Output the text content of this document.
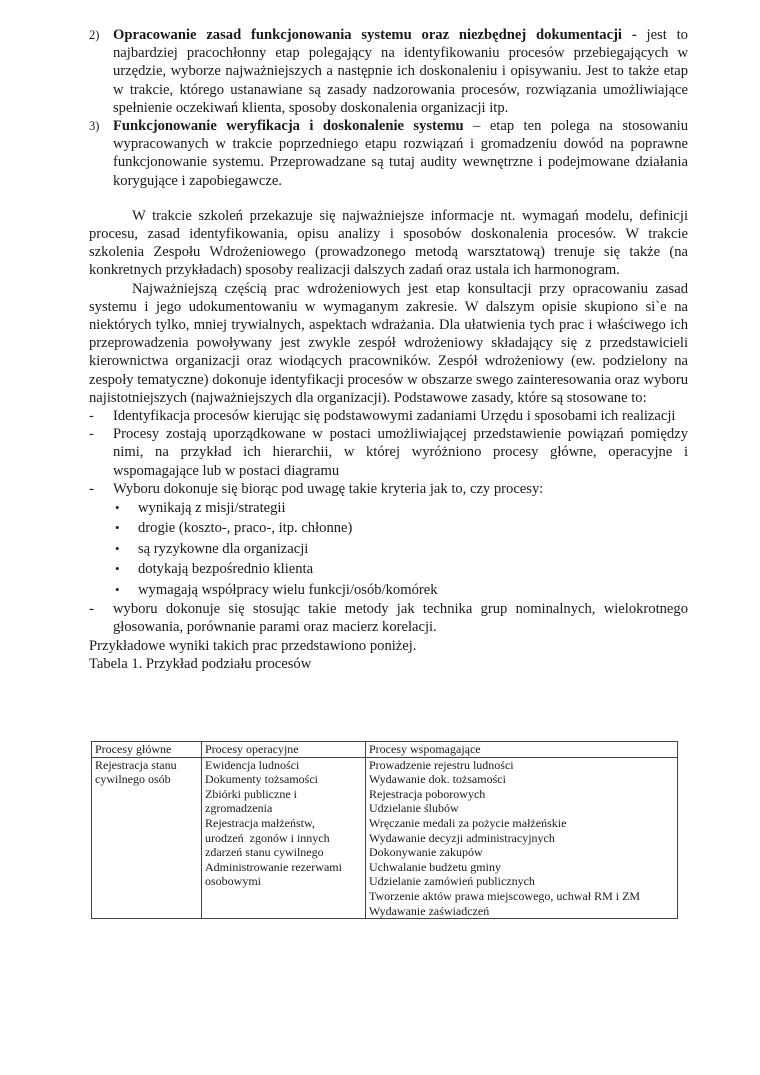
2) Opracowanie zasad funkcjonowania systemu oraz niezbędnej dokumentacji - jest to najbardziej pracochłonny etap polegający na identyfikowaniu procesów przebiegających w urzędzie, wyborze najważniejszych a następnie ich doskonaleniu i opisywaniu. Jest to także etap w trakcie, którego ustanawiane są zasady nadzorowania procesów, rozwiązania umożliwiające spełnienie oczekiwań klienta, sposoby doskonalenia organizacji itp.

3) Funkcjonowanie weryfikacja i doskonalenie systemu – etap ten polega na stosowaniu wypracowanych w trakcie poprzedniego etapu rozwiązań i gromadzeniu dowód na poprawne funkcjonowanie systemu. Przeprowadzane są tutaj audity wewnętrzne i podejmowane działania korygujące i zapobiegawcze.

W trakcie szkoleń przekazuje się najważniejsze informacje nt. wymagań modelu, definicji procesu, zasad identyfikowania, opisu analizy i sposobów doskonalenia procesów. W trakcie szkolenia Zespołu Wdrożeniowego (prowadzonego metodą warsztatową) trenuje się także (na konkretnych przykładach) sposoby realizacji dalszych zadań oraz ustala ich harmonogram.

Najważniejszą częścią prac wdrożeniowych jest etap konsultacji przy opracowaniu zasad systemu i jego udokumentowaniu w wymaganym zakresie. W dalszym opisie skupiono si`e na niektórych tylko, mniej trywialnych, aspektach wdrażania. Dla ułatwienia tych prac i właściwego ich przeprowadzenia powoływany jest zwykle zespół wdrożeniowy składający się z przedstawicieli kierownictwa organizacji oraz wiodących pracowników. Zespół wdrożeniowy (ew. podzielony na zespoły tematyczne) dokonuje identyfikacji procesów w obszarze swego zainteresowania oraz wyboru najistotniejszych (najważniejszych dla organizacji). Podstawowe zasady, które są stosowane to:

- Identyfikacja procesów kierując się podstawowymi zadaniami Urzędu i sposobami ich realizacji

- Procesy zostają uporządkowane w postaci umożliwiającej przedstawienie powiązań pomiędzy nimi, na przykład ich hierarchii, w której wyróżniono procesy główne, operacyjne i wspomagające lub w postaci diagramu

- Wyboru dokonuje się biorąc pod uwagę takie kryteria jak to, czy procesy:

• wynikają z misji/strategii
• drogie (koszto-, praco-, itp. chłonne)
• są ryzykowne dla organizacji
• dotykają bezpośrednio klienta
• wymagają współpracy wielu funkcji/osób/komórek

- wyboru dokonuje się stosując takie metody jak technika grup nominalnych, wielokrotnego głosowania, porównanie parami oraz macierz korelacji.

Przykładowe wyniki takich prac przedstawiono poniżej.

Tabela 1. Przykład podziału procesów

Procesy główne	Procesy operacyjne	Procesy wspomagające

Rejestracja stanu
cywilnego osób

Ewidencja ludności
Dokumenty tożsamości
Zbiórki publiczne i
zgromadzenia
Rejestracja małżeństw,
urodzeń  zgonów i innych
zdarzeń stanu cywilnego
Administrowanie rezerwami
osobowymi

Prowadzenie rejestru ludności
Wydawanie dok. tożsamości
Rejestracja poborowych
Udzielanie ślubów
Wręczanie medali za pożycie małżeńskie
Wydawanie decyzji administracyjnych
Dokonywanie zakupów
Uchwalanie budżetu gminy
Udzielanie zamówień publicznych
Tworzenie aktów prawa miejscowego, uchwał RM i ZM
Wydawanie zaświadczeń
